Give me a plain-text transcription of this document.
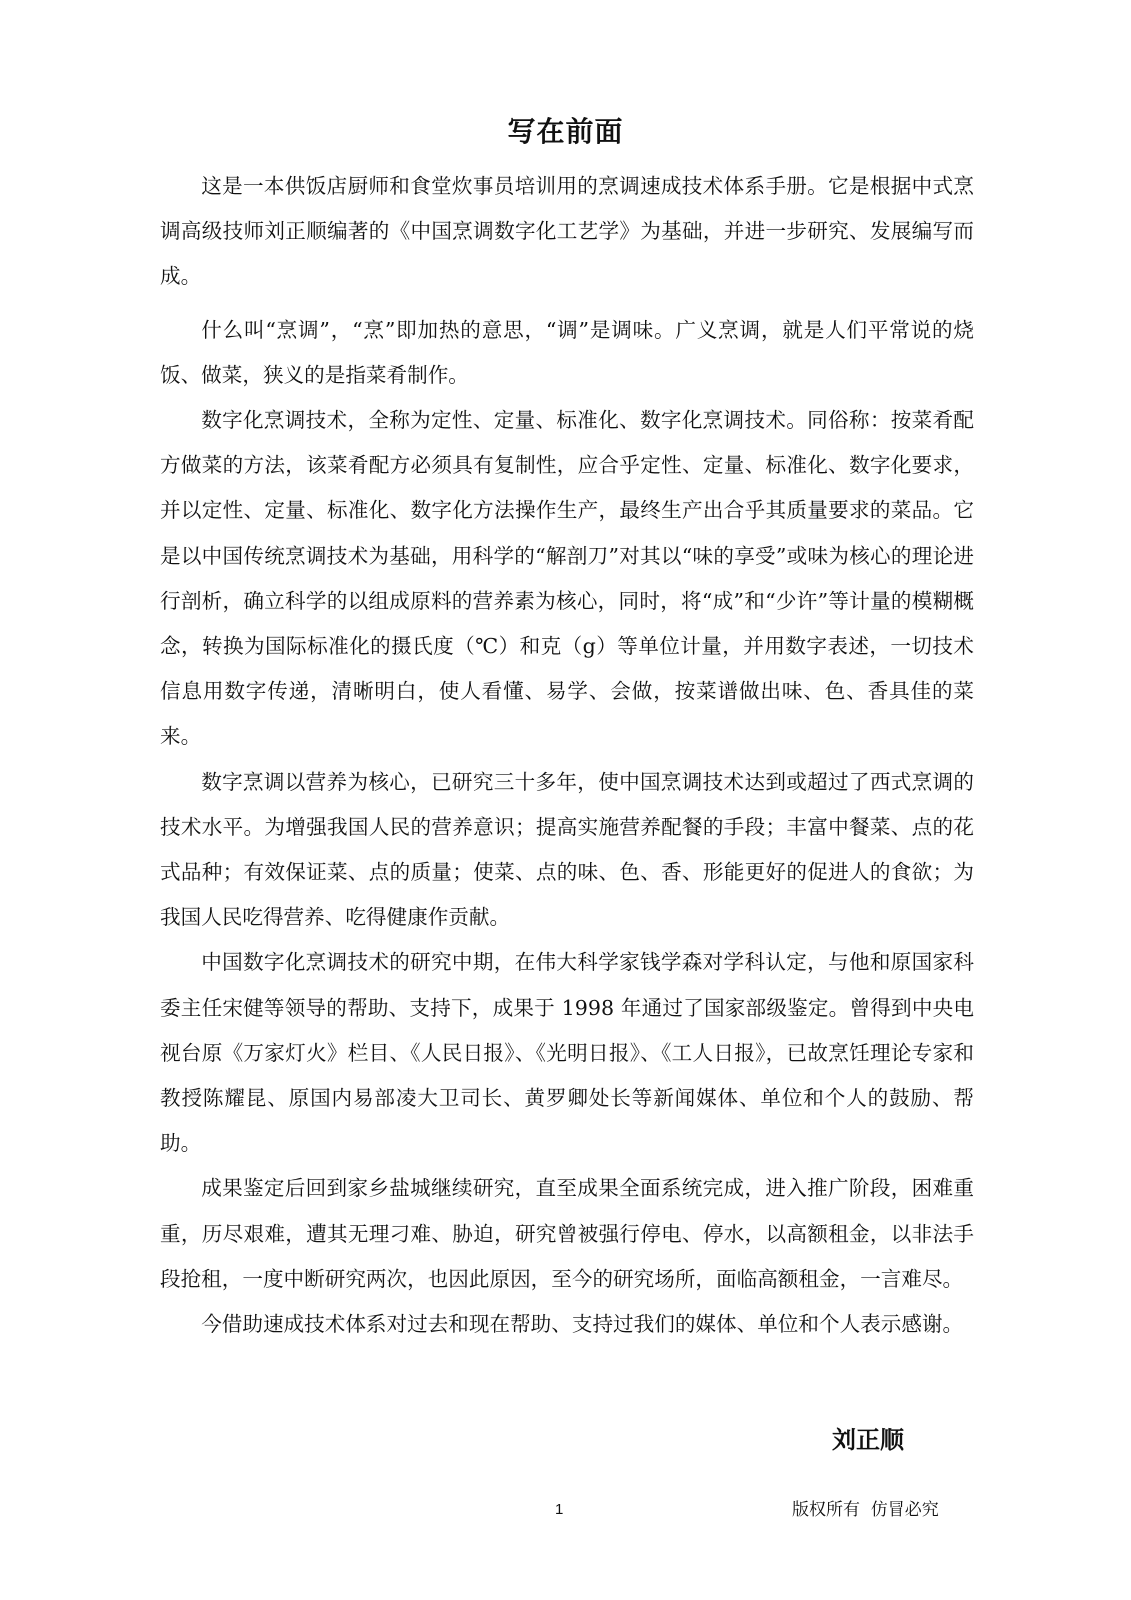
写在前面

这是一本供饭店厨师和食堂炊事员培训用的烹调速成技术体系手册。它是根据中式烹调高级技师刘正顺编著的《中国烹调数字化工艺学》为基础，并进一步研究、发展编写而成。

什么叫“烹调”，“烹”即加热的意思，“调”是调味。广义烹调，就是人们平常说的烧饭、做菜，狭义的是指菜肴制作。

数字化烹调技术，全称为定性、定量、标准化、数字化烹调技术。同俗称：按菜肴配方做菜的方法，该菜肴配方必须具有复制性，应合乎定性、定量、标准化、数字化要求，并以定性、定量、标准化、数字化方法操作生产，最终生产出合乎其质量要求的菜品。它是以中国传统烹调技术为基础，用科学的“解剖刀”对其以“味的享受”或味为核心的理论进行剖析，确立科学的以组成原料的营养素为核心，同时，将“成”和“少许”等计量的模糊概念，转换为国际标准化的摄氏度（℃）和克（g）等单位计量，并用数字表述，一切技术信息用数字传递，清晰明白，使人看懂、易学、会做，按菜谱做出味、色、香具佳的菜来。

数字烹调以营养为核心，已研究三十多年，使中国烹调技术达到或超过了西式烹调的技术水平。为增强我国人民的营养意识；提高实施营养配餐的手段；丰富中餐菜、点的花式品种；有效保证菜、点的质量；使菜、点的味、色、香、形能更好的促进人的食欲；为我国人民吃得营养、吃得健康作贡献。

中国数字化烹调技术的研究中期，在伟大科学家钱学森对学科认定，与他和原国家科委主任宋健等领导的帮助、支持下，成果于 1998 年通过了国家部级鉴定。曾得到中央电视台原《万家灯火》栏目、《人民日报》、《光明日报》、《工人日报》，已故烹饪理论专家和教授陈耀昆、原国内易部凌大卫司长、黄罗卿处长等新闻媒体、单位和个人的鼓励、帮助。

成果鉴定后回到家乡盐城继续研究，直至成果全面系统完成，进入推广阶段，困难重重，历尽艰难，遭其无理刁难、胁迫，研究曾被强行停电、停水，以高额租金，以非法手段抢租，一度中断研究两次，也因此原因，至今的研究场所，面临高额租金，一言难尽。

今借助速成技术体系对过去和现在帮助、支持过我们的媒体、单位和个人表示感谢。

刘正顺
1	版权所有  仿冒必究
